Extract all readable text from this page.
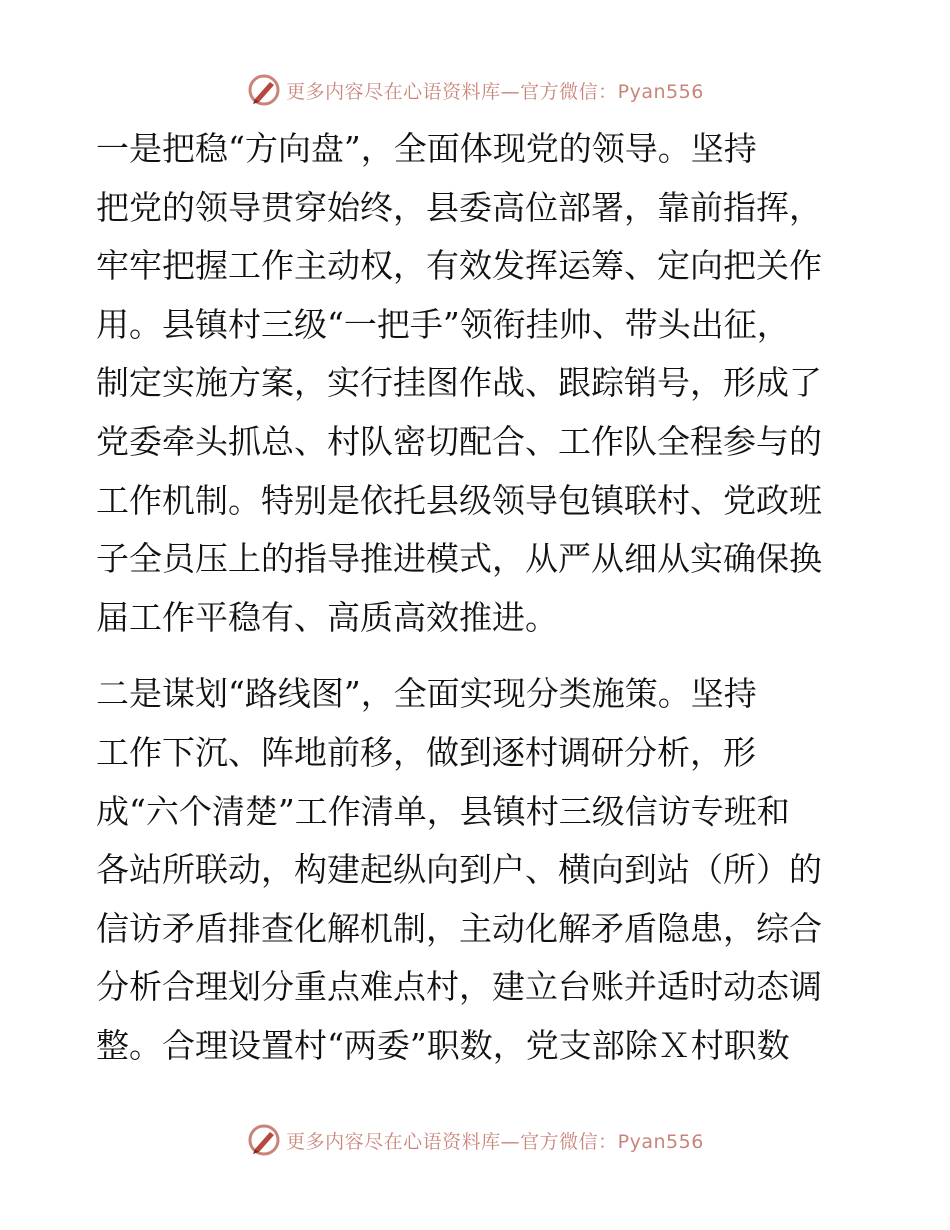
更多内容尽在心语资料库—官方微信：Pyan556
一是把稳“方向盘”，全面体现党的领导。坚持
把党的领导贯穿始终，县委高位部署，靠前指挥，
牢牢把握工作主动权，有效发挥运筹、定向把关作
用。县镇村三级“一把手”领衔挂帅、带头出征，
制定实施方案，实行挂图作战、跟踪销号，形成了
党委牵头抓总、村队密切配合、工作队全程参与的
工作机制。特别是依托县级领导包镇联村、党政班
子全员压上的指导推进模式，从严从细从实确保换
届工作平稳有、高质高效推进。
二是谋划“路线图”，全面实现分类施策。坚持
工作下沉、阵地前移，做到逐村调研分析，形
成“六个清楚”工作清单，县镇村三级信访专班和
各站所联动，构建起纵向到户、横向到站（所）的
信访矛盾排查化解机制，主动化解矛盾隐患，综合
分析合理划分重点难点村，建立台账并适时动态调
整。合理设置村“两委”职数，党支部除Ｘ村职数
更多内容尽在心语资料库—官方微信：Pyan556
